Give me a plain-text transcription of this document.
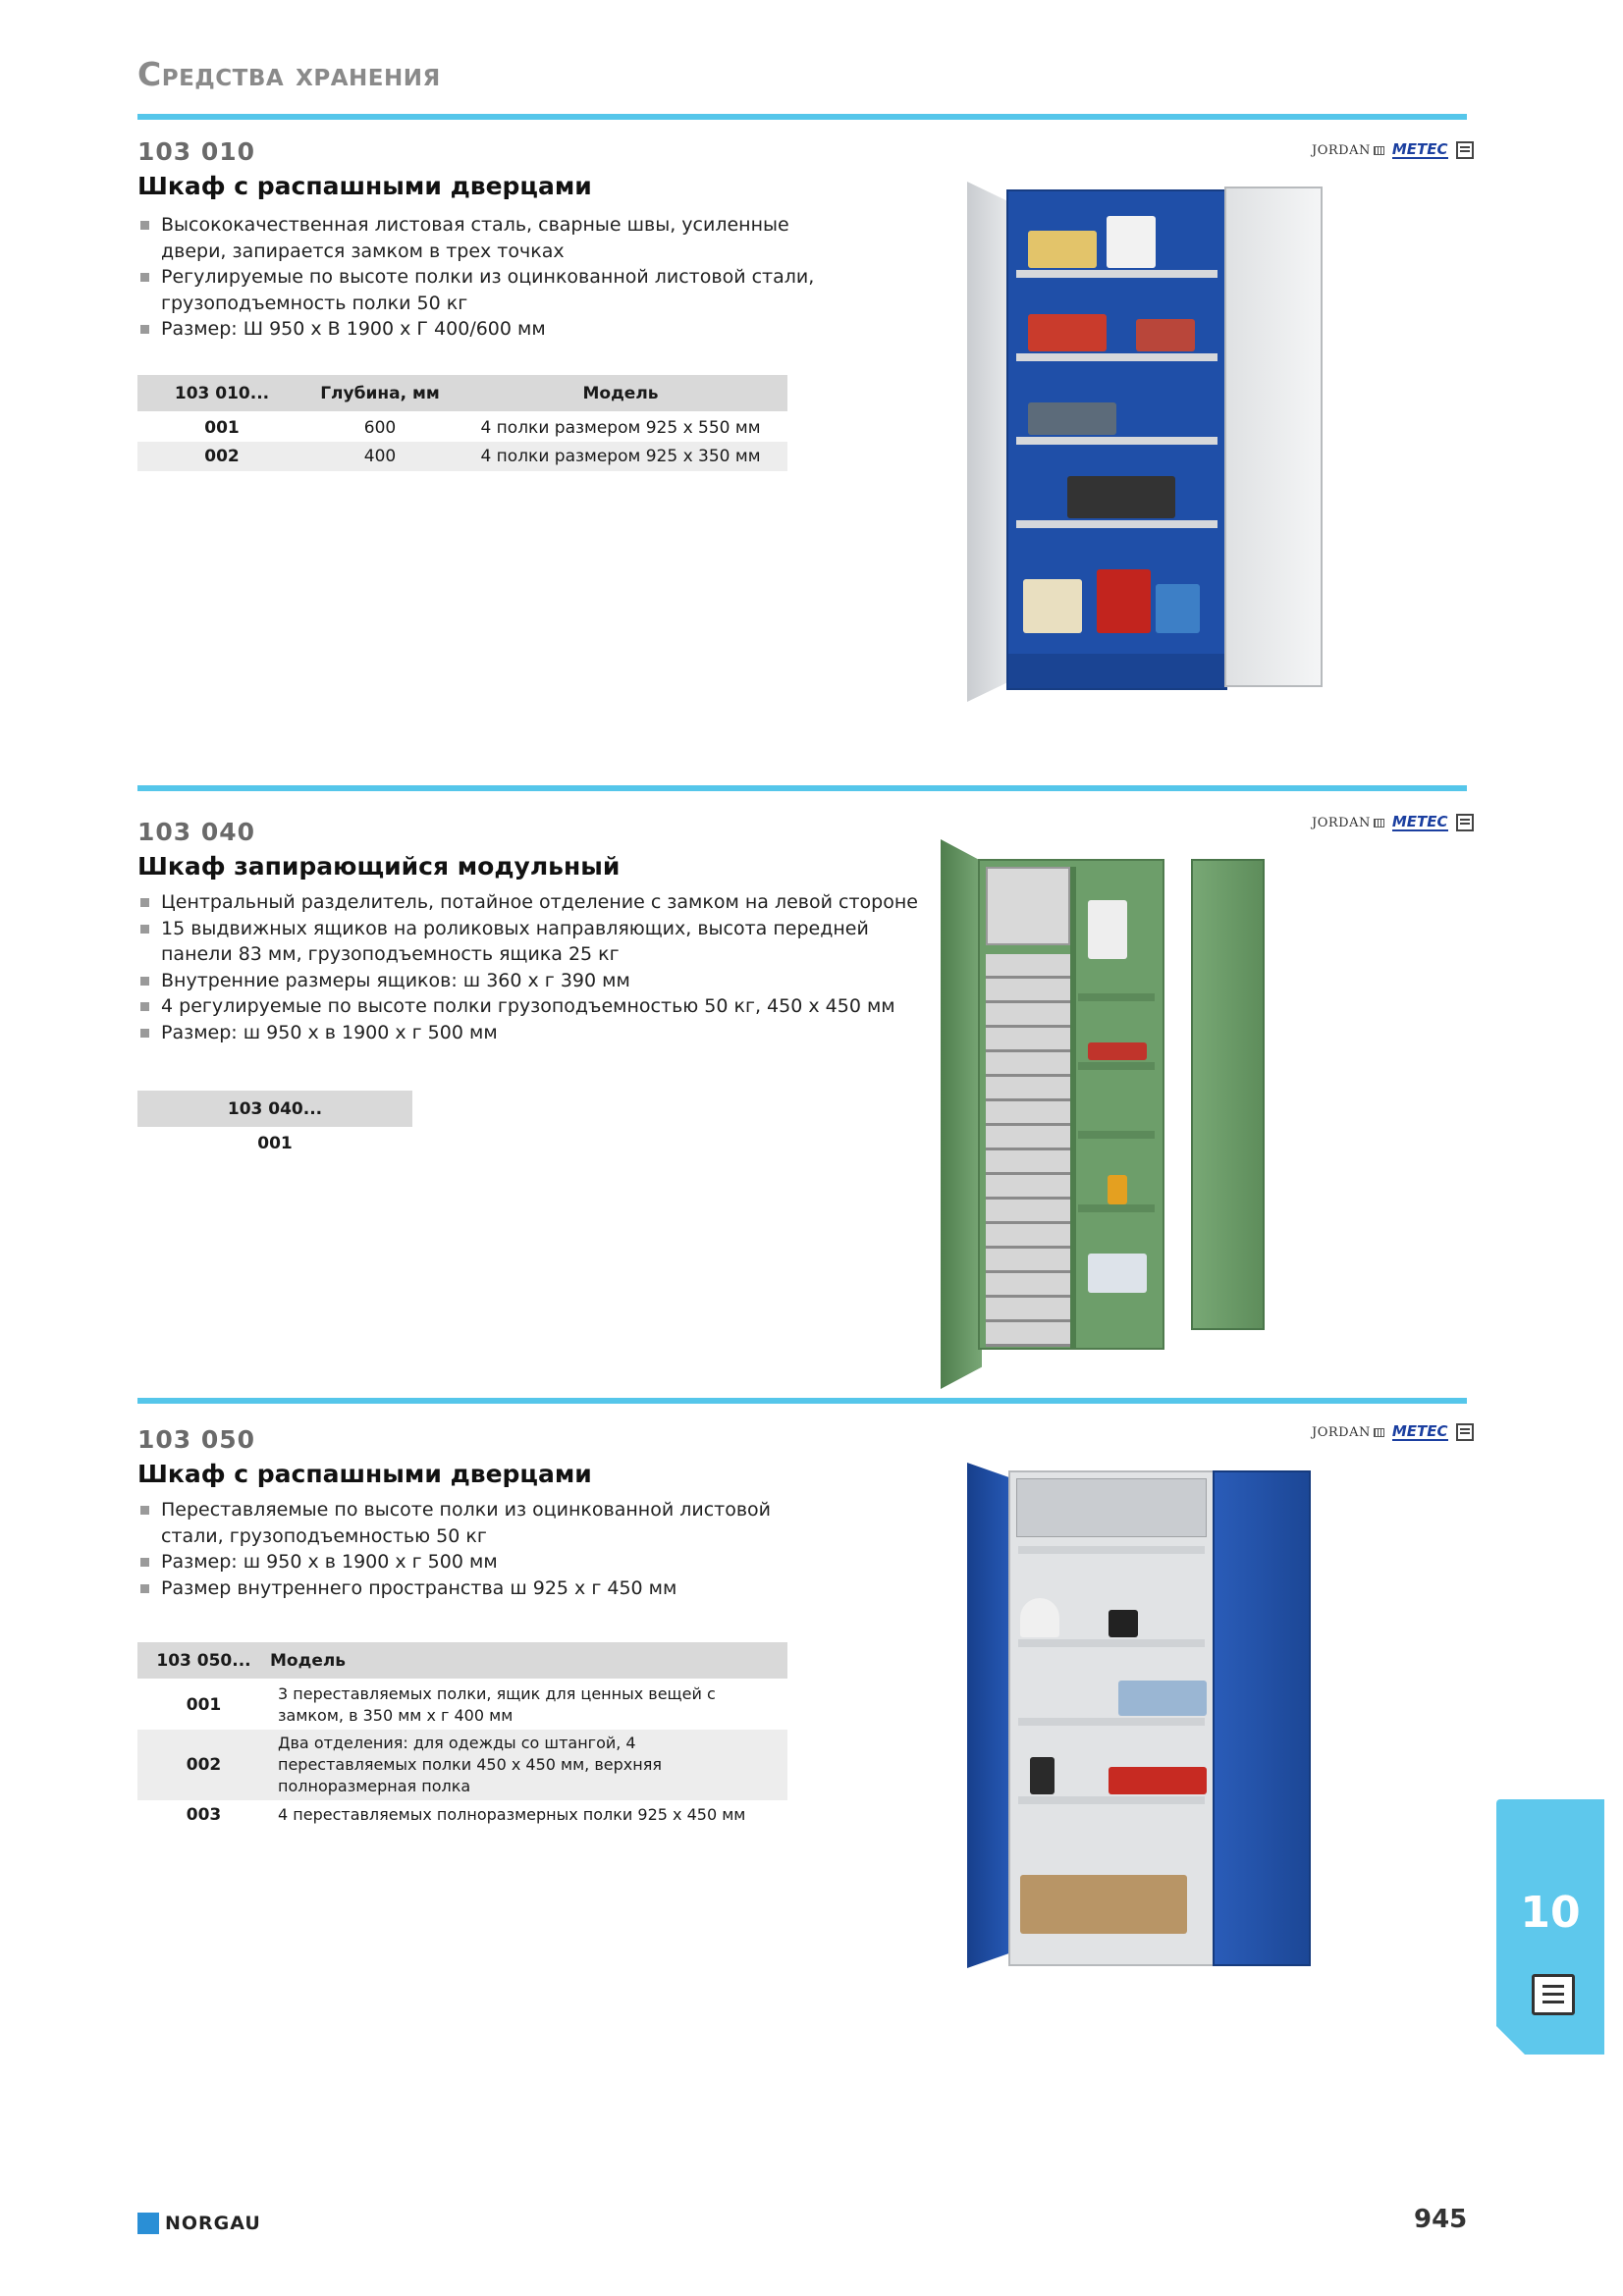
Средства хранения
103 010
Шкаф с распашными дверцами
JORDAN METEC
Высококачественная листовая сталь, сварные швы, усиленные двери, запирается замком в трех точках
Регулируемые по высоте полки из оцинкованной листовой стали, грузоподъемность полки 50 кг
Размер: Ш 950 x В 1900 x Г 400/600 мм
103 010...	Глубина, мм	Модель
001	600	4 полки размером 925 x 550 мм
002	400	4 полки размером 925 x 350 мм
103 040
Шкаф запирающийся модульный
JORDAN METEC
Центральный разделитель, потайное отделение с замком на левой стороне
15 выдвижных ящиков на роликовых направляющих, высота передней панели 83 мм, грузоподъемность ящика 25 кг
Внутренние размеры ящиков: ш 360 x г 390 мм
4 регулируемые по высоте полки грузоподъемностью 50 кг, 450 x 450 мм
Размер: ш 950 x в 1900 x г 500 мм
103 040...
001
103 050
Шкаф с распашными дверцами
JORDAN METEC
Переставляемые по высоте полки из оцинкованной листовой стали, грузоподъемностью 50 кг
Размер: ш 950 x в 1900 x г 500 мм
Размер внутреннего пространства ш 925 x г 450 мм
103 050...	Модель
001	3 переставляемых полки, ящик для ценных вещей с замком, в 350 мм x г 400 мм
002	Два отделения: для одежды со штангой, 4 переставляемых полки 450 x 450 мм, верхняя полноразмерная полка
003	4 переставляемых полноразмерных полки 925 x 450 мм
10
NORGAU	945
